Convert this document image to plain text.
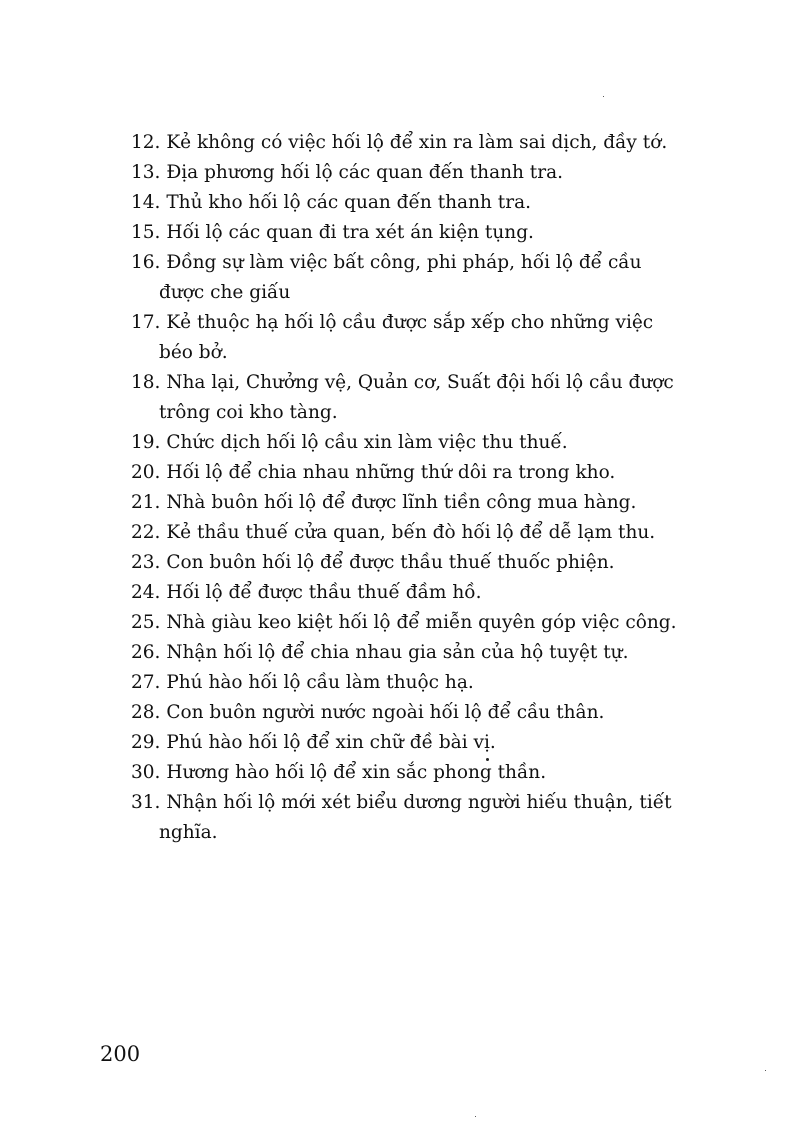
12. Kẻ không có việc hối lộ để xin ra làm sai dịch, đầy tớ.
13. Địa phương hối lộ các quan đến thanh tra.
14. Thủ kho hối lộ các quan đến thanh tra.
15. Hối lộ các quan đi tra xét án kiện tụng.
16. Đồng sự làm việc bất công, phi pháp, hối lộ để cầu được che giấu
17. Kẻ thuộc hạ hối lộ cầu được sắp xếp cho những việc béo bở.
18. Nha lại, Chưởng vệ, Quản cơ, Suất đội hối lộ cầu được trông coi kho tàng.
19. Chức dịch hối lộ cầu xin làm việc thu thuế.
20. Hối lộ để chia nhau những thứ dôi ra trong kho.
21. Nhà buôn hối lộ để được lĩnh tiền công mua hàng.
22. Kẻ thầu thuế cửa quan, bến đò hối lộ để dễ lạm thu.
23. Con buôn hối lộ để được thầu thuế thuốc phiện.
24. Hối lộ để được thầu thuế đầm hồ.
25. Nhà giàu keo kiệt hối lộ để miễn quyên góp việc công.
26. Nhận hối lộ để chia nhau gia sản của hộ tuyệt tự.
27. Phú hào hối lộ cầu làm thuộc hạ.
28. Con buôn người nước ngoài hối lộ để cầu thân.
29. Phú hào hối lộ để xin chữ đề bài vị.
30. Hương hào hối lộ để xin sắc phong thần.
31. Nhận hối lộ mới xét biểu dương người hiếu thuận, tiết nghĩa.
200
